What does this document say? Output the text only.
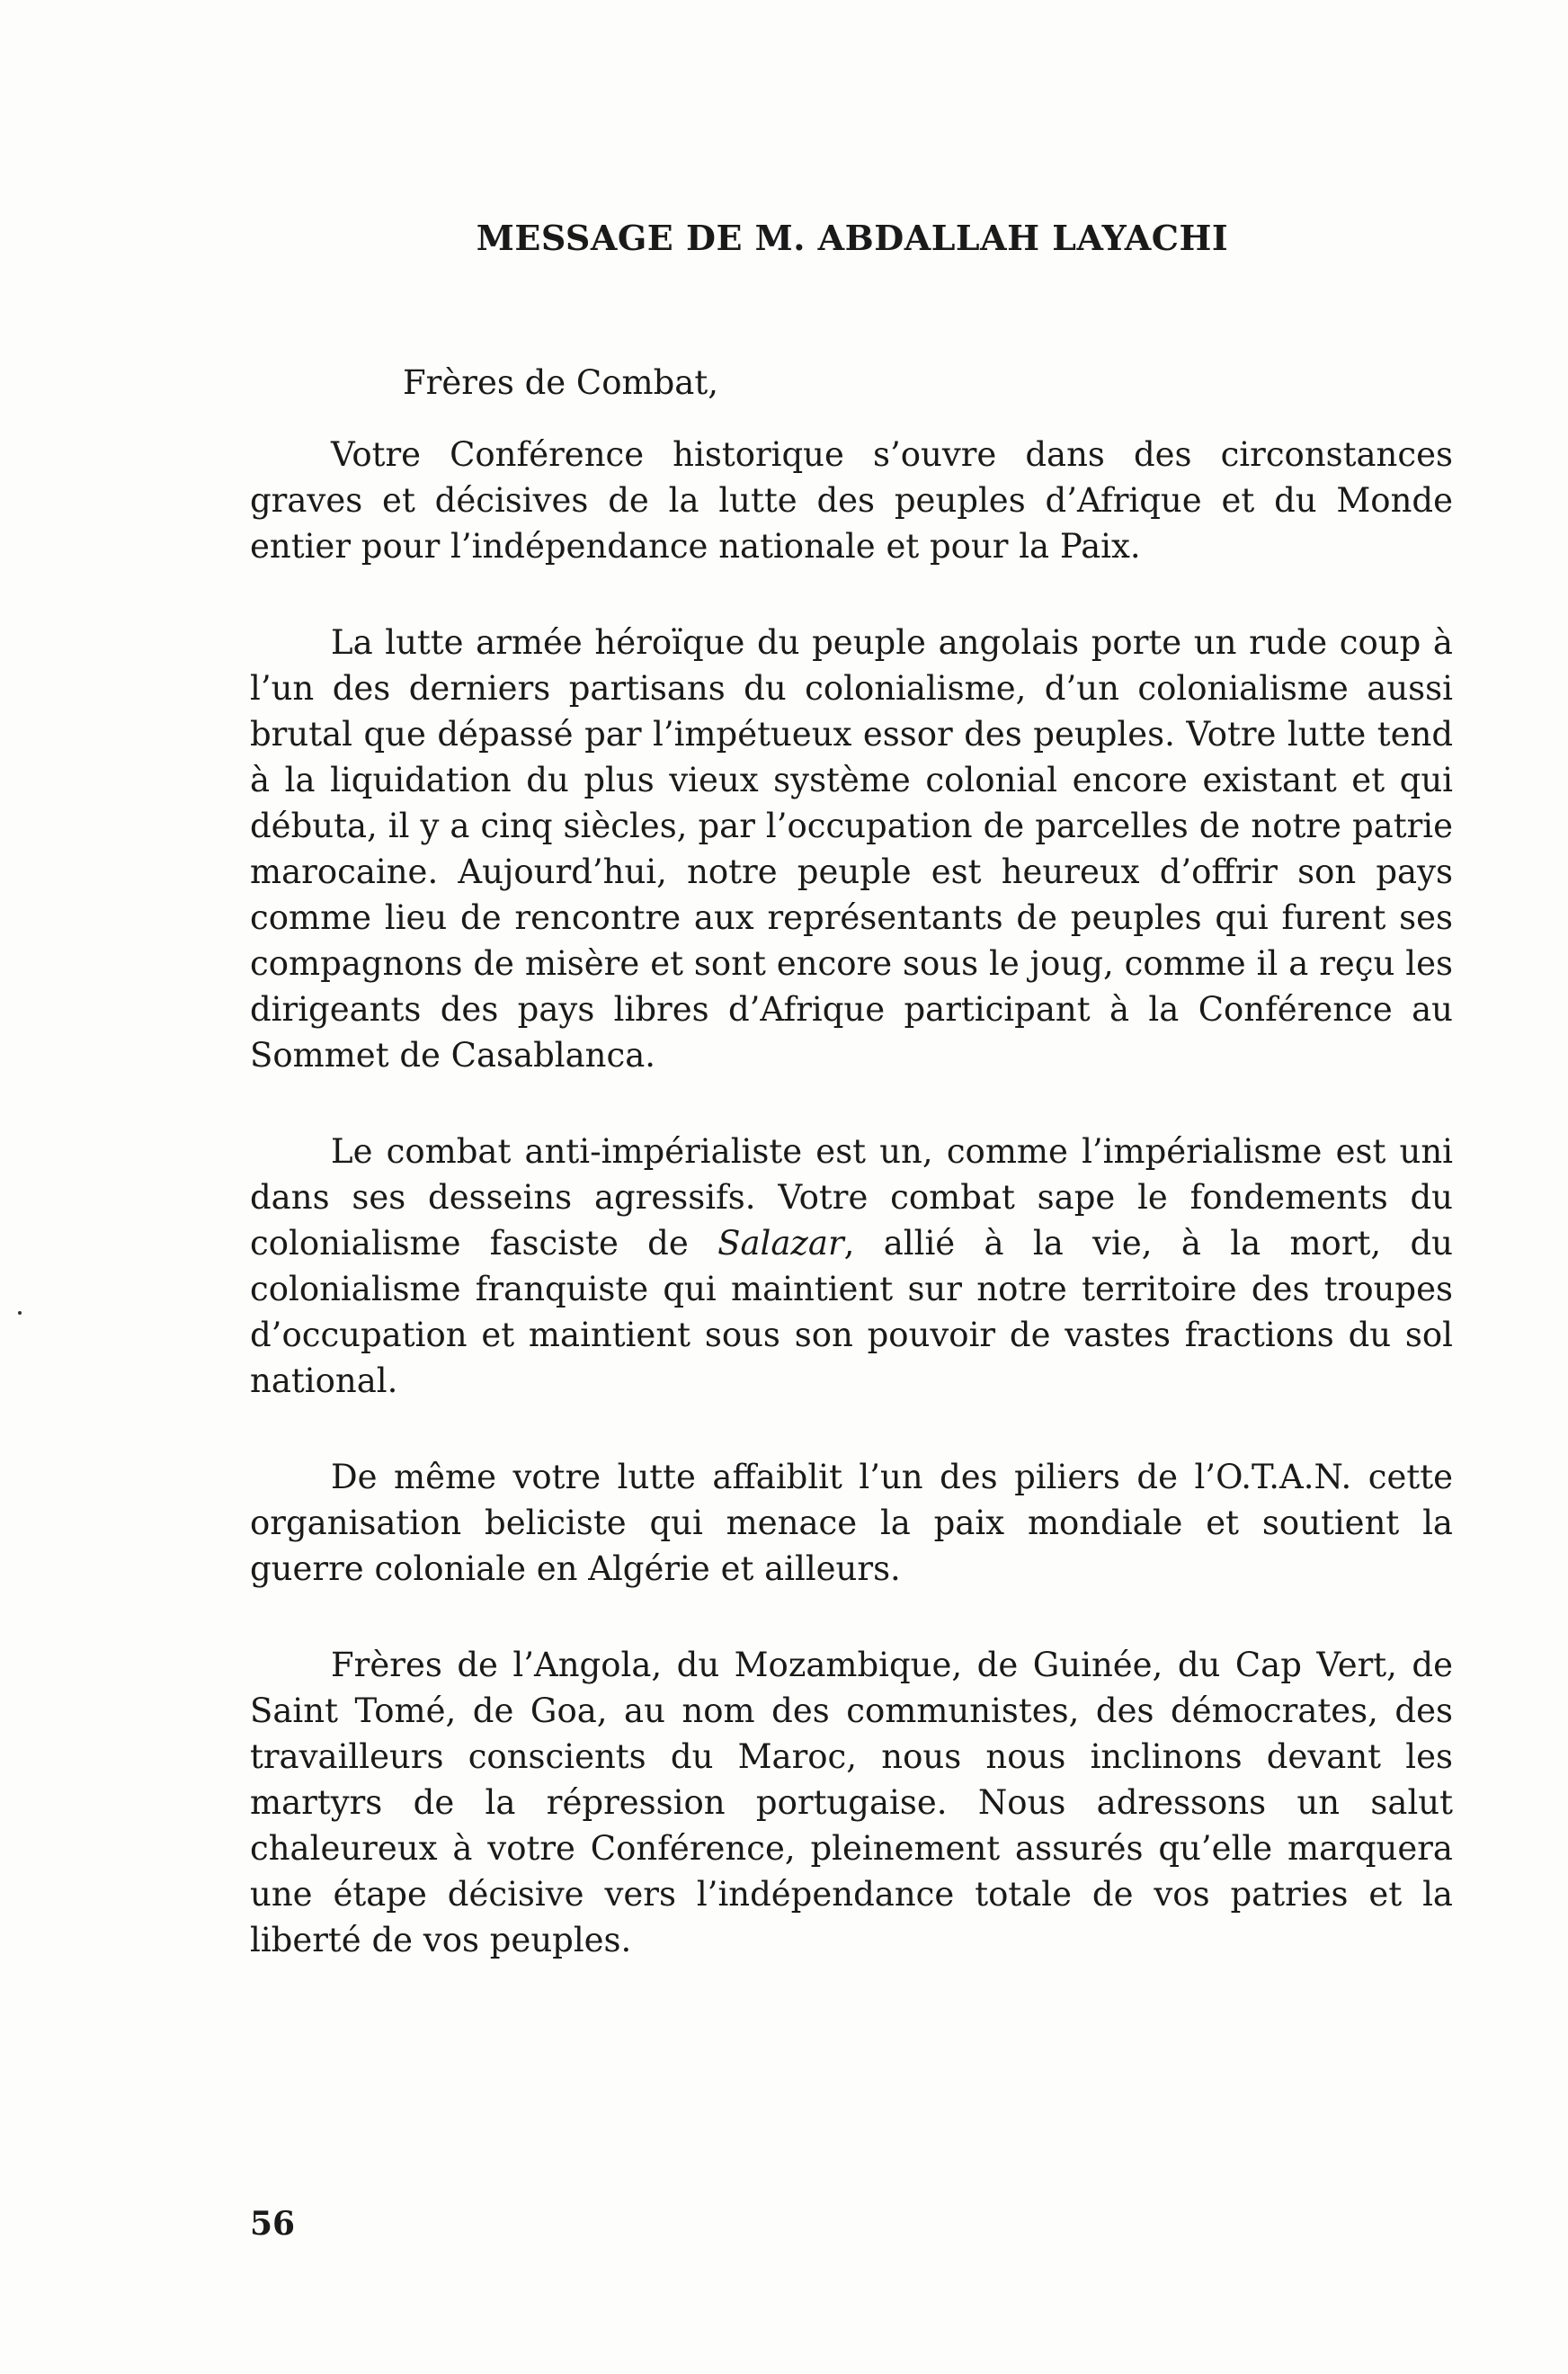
MESSAGE DE M. ABDALLAH LAYACHI

Frères de Combat,

Votre Conférence historique s’ouvre dans des circonstances graves et décisives de la lutte des peuples d’Afrique et du Monde entier pour l’indépendance nationale et pour la Paix.

La lutte armée héroïque du peuple angolais porte un rude coup à l’un des derniers partisans du colonialisme, d’un colonialisme aussi brutal que dépassé par l’impétueux essor des peuples. Votre lutte tend à la liquidation du plus vieux système colonial encore existant et qui débuta, il y a cinq siècles, par l’occupation de parcelles de notre patrie marocaine. Aujourd’hui, notre peuple est heureux d’offrir son pays comme lieu de rencontre aux représentants de peuples qui furent ses compagnons de misère et sont encore sous le joug, comme il a reçu les dirigeants des pays libres d’Afrique participant à la Conférence au Sommet de Casablanca.

Le combat anti-impérialiste est un, comme l’impérialisme est uni dans ses desseins agressifs. Votre combat sape le fondements du colonialisme fasciste de Salazar, allié à la vie, à la mort, du colonialisme franquiste qui maintient sur notre territoire des troupes d’occupation et maintient sous son pouvoir de vastes fractions du sol national.

De même votre lutte affaiblit l’un des piliers de l’O.T.A.N. cette organisation beliciste qui menace la paix mondiale et soutient la guerre coloniale en Algérie et ailleurs.

Frères de l’Angola, du Mozambique, de Guinée, du Cap Vert, de Saint Tomé, de Goa, au nom des communistes, des démocrates, des travailleurs conscients du Maroc, nous nous inclinons devant les martyrs de la répression portugaise. Nous adressons un salut chaleureux à votre Conférence, pleinement assurés qu’elle marquera une étape décisive vers l’indépendance totale de vos patries et la liberté de vos peuples.

56
